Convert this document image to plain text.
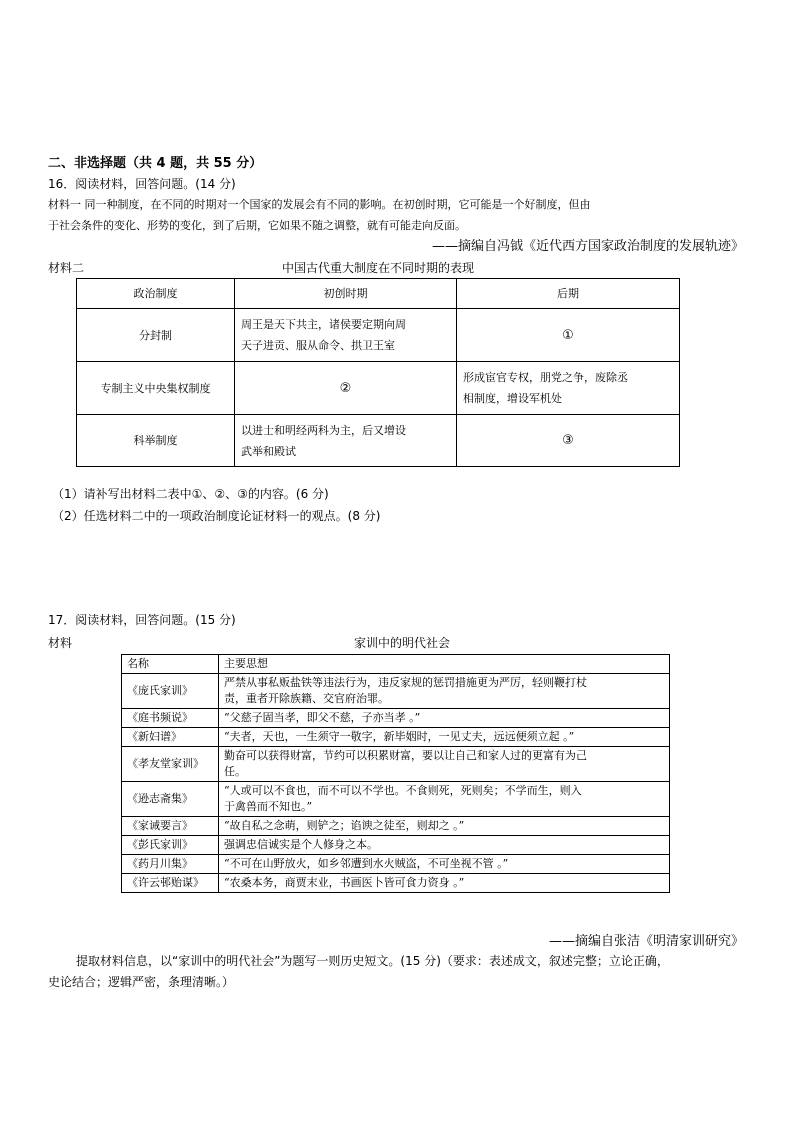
二、非选择题（共 4 题，共 55 分）
16．阅读材料，回答问题。(14 分)
材料一 同一种制度，在不同的时期对一个国家的发展会有不同的影响。在初创时期，它可能是一个好制度，但由
于社会条件的变化、形势的变化，到了后期，它如果不随之调整，就有可能走向反面。
——摘编自冯钺《近代西方国家政治制度的发展轨迹》
材料二	中国古代重大制度在不同时期的表现
政治制度	初创时期	后期
分封制	周王是天下共主，诸侯要定期向周
天子进贡、服从命令、拱卫王室	①
专制主义中央集权制度	②	形成宦官专权，朋党之争，废除丞
相制度，增设军机处

科举制度	以进士和明经两科为主，后又增设
武举和殿试	③
（1）请补写出材料二表中①、②、③的内容。(6 分)
（2）任选材料二中的一项政治制度论证材料一的观点。(8 分)
17．阅读材料，回答问题。(15 分)
材料	家训中的明代社会
名称	主要思想
《庞氏家训》	严禁从事私贩盐铁等违法行为，违反家规的惩罚措施更为严厉，轻则鞭打杖
责，重者开除族籍、交官府治罪。

《庭书频说》	“父慈子固当孝，即父不慈，子亦当孝 。”

《新妇谱》	“夫者，天也，一生须守一敬字，新毕姻时，一见丈夫，远远便须立起 。”

《孝友堂家训》	勤奋可以获得财富，节约可以积累财富，要以让自己和家人过的更富有为己
任。

《逊志斋集》	“人或可以不食也，而不可以不学也。不食则死，死则矣；不学而生，则入
于禽兽而不知也。”

《家诫要言》	“故自私之念萌，则铲之；谄谀之徒至，则却之 。”

《彭氏家训》	强调忠信诚实是个人修身之本。

《药月川集》	“不可在山野放火，如乡邻遭到水火贼盗，不可坐视不管 。”

《许云邨贻谋》	“农桑本务，商贾末业，书画医卜皆可食力资身 。”
——摘编自张洁《明清家训研究》
提取材料信息，以“家训中的明代社会”为题写一则历史短文。(15 分)（要求：表述成文，叙述完整；立论正确，
史论结合；逻辑严密，条理清晰。）
